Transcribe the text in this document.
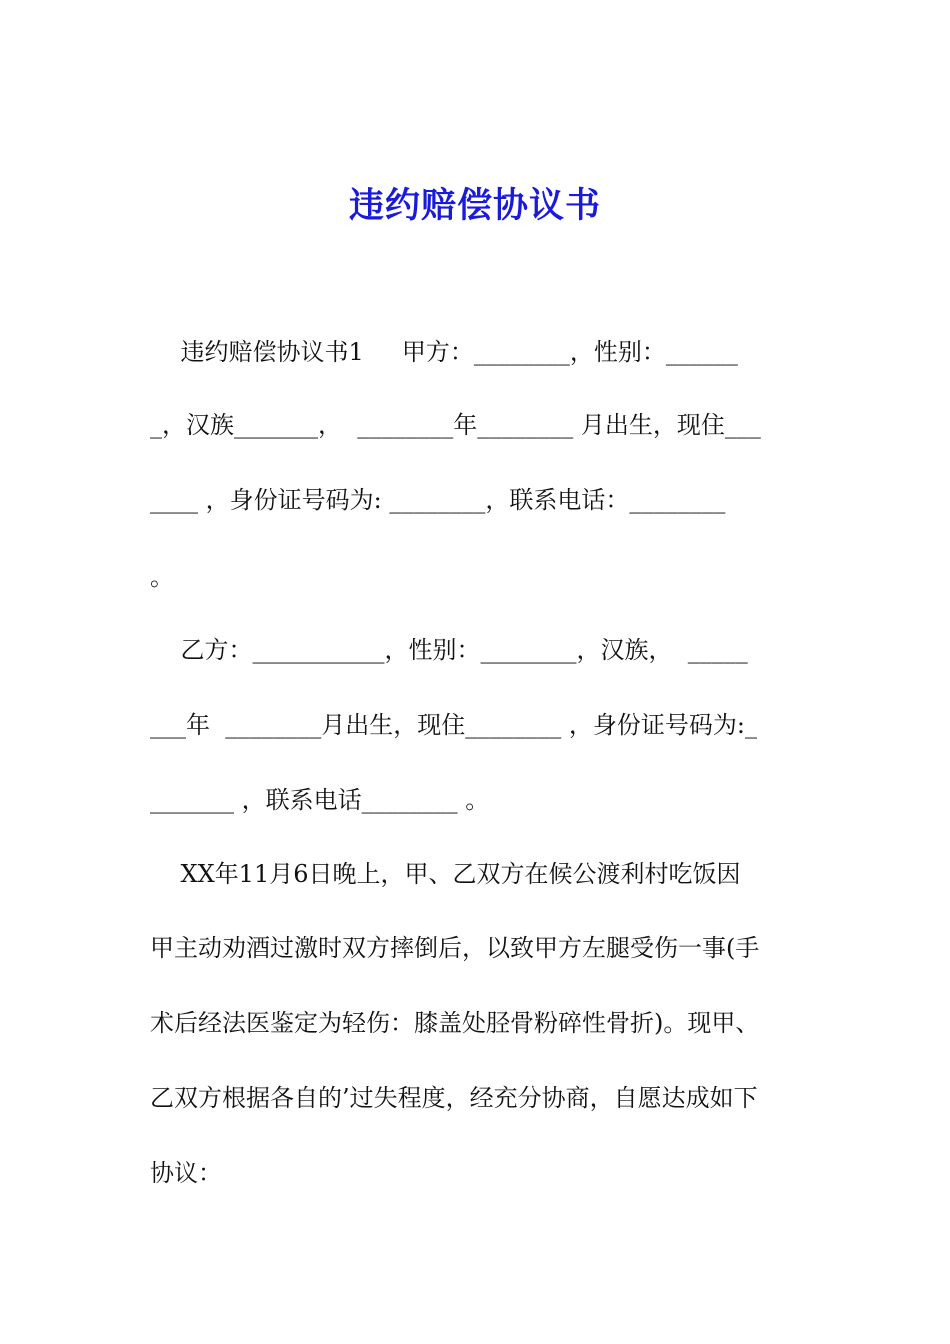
违约赔偿协议书
违约赔偿协议书1     甲方：________，性别：______
_，汉族_______，  ________年________ 月出生，现住___
____ ，身份证号码为: ________，联系电话：________
。
乙方：___________，性别：________，汉族，  _____
___年  ________月出生，现住________ ，身份证号码为:_
_______ ，联系电话________ 。
XX年11月6日晚上，甲、乙双方在候公渡利村吃饭因
甲主动劝酒过激时双方摔倒后，以致甲方左腿受伤一事(手
术后经法医鉴定为轻伤：膝盖处胫骨粉碎性骨折)。现甲、
乙双方根据各自的’过失程度，经充分协商，自愿达成如下
协议：
